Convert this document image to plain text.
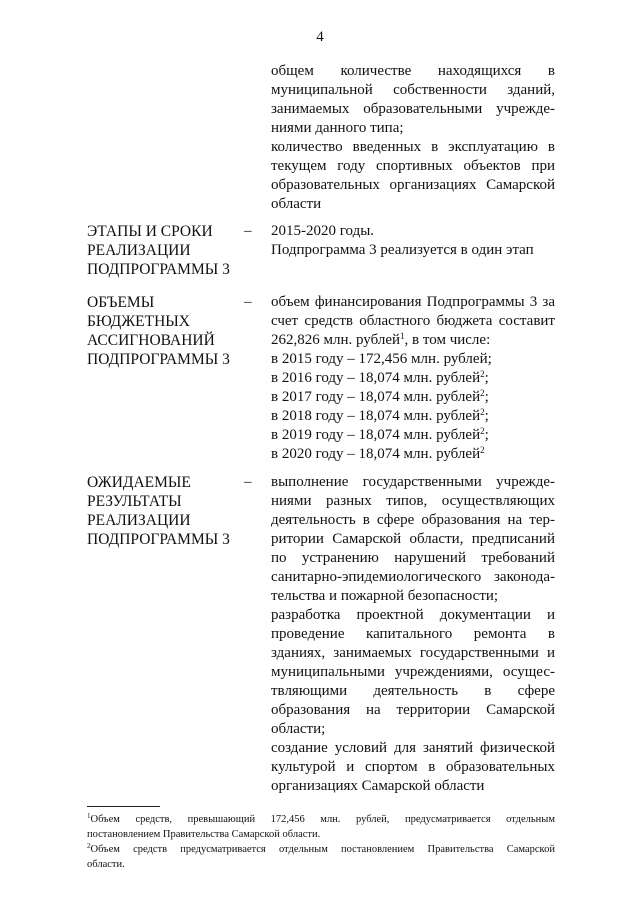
4
общем количестве находящихся в
муниципальной собственности зданий,
занимаемых образовательными учрежде-
ниями данного типа;
количество введенных в эксплуатацию в
текущем году спортивных объектов при
образовательных организациях Самарской
области
ЭТАПЫ И СРОКИ
РЕАЛИЗАЦИИ
ПОДПРОГРАММЫ 3
– 2015-2020 годы.
Подпрограмма 3 реализуется в один этап
ОБЪЕМЫ
БЮДЖЕТНЫХ
АССИГНОВАНИЙ
ПОДПРОГРАММЫ 3
– объем финансирования Подпрограммы 3 за
счет средств областного бюджета составит
262,826 млн. рублей$^1$, в том числе:
в 2015 году – 172,456 млн. рублей;
в 2016 году – 18,074 млн. рублей$^2$;
в 2017 году – 18,074 млн. рублей$^2$;
в 2018 году – 18,074 млн. рублей$^2$;
в 2019 году – 18,074 млн. рублей$^2$;
в 2020 году – 18,074 млн. рублей$^2$
ОЖИДАЕМЫЕ
РЕЗУЛЬТАТЫ
РЕАЛИЗАЦИИ
ПОДПРОГРАММЫ 3
– выполнение государственными учрежде-
ниями разных типов, осуществляющих
деятельность в сфере образования на тер-
ритории Самарской области, предписаний
по устранению нарушений требований
санитарно-эпидемиологического законода-
тельства и пожарной безопасности;
разработка проектной документации и
проведение капитального ремонта в
зданиях, занимаемых государственными и
муниципальными учреждениями, осущес-
твляющими деятельность в сфере
образования на территории Самарской
области;
создание условий для занятий физической
культурой и спортом в образовательных
организациях Самарской области
$^1$Объем средств, превышающий 172,456 млн. рублей, предусматривается отдельным
постановлением Правительства Самарской области.
$^2$Объем средств предусматривается отдельным постановлением Правительства Самарской
области.
